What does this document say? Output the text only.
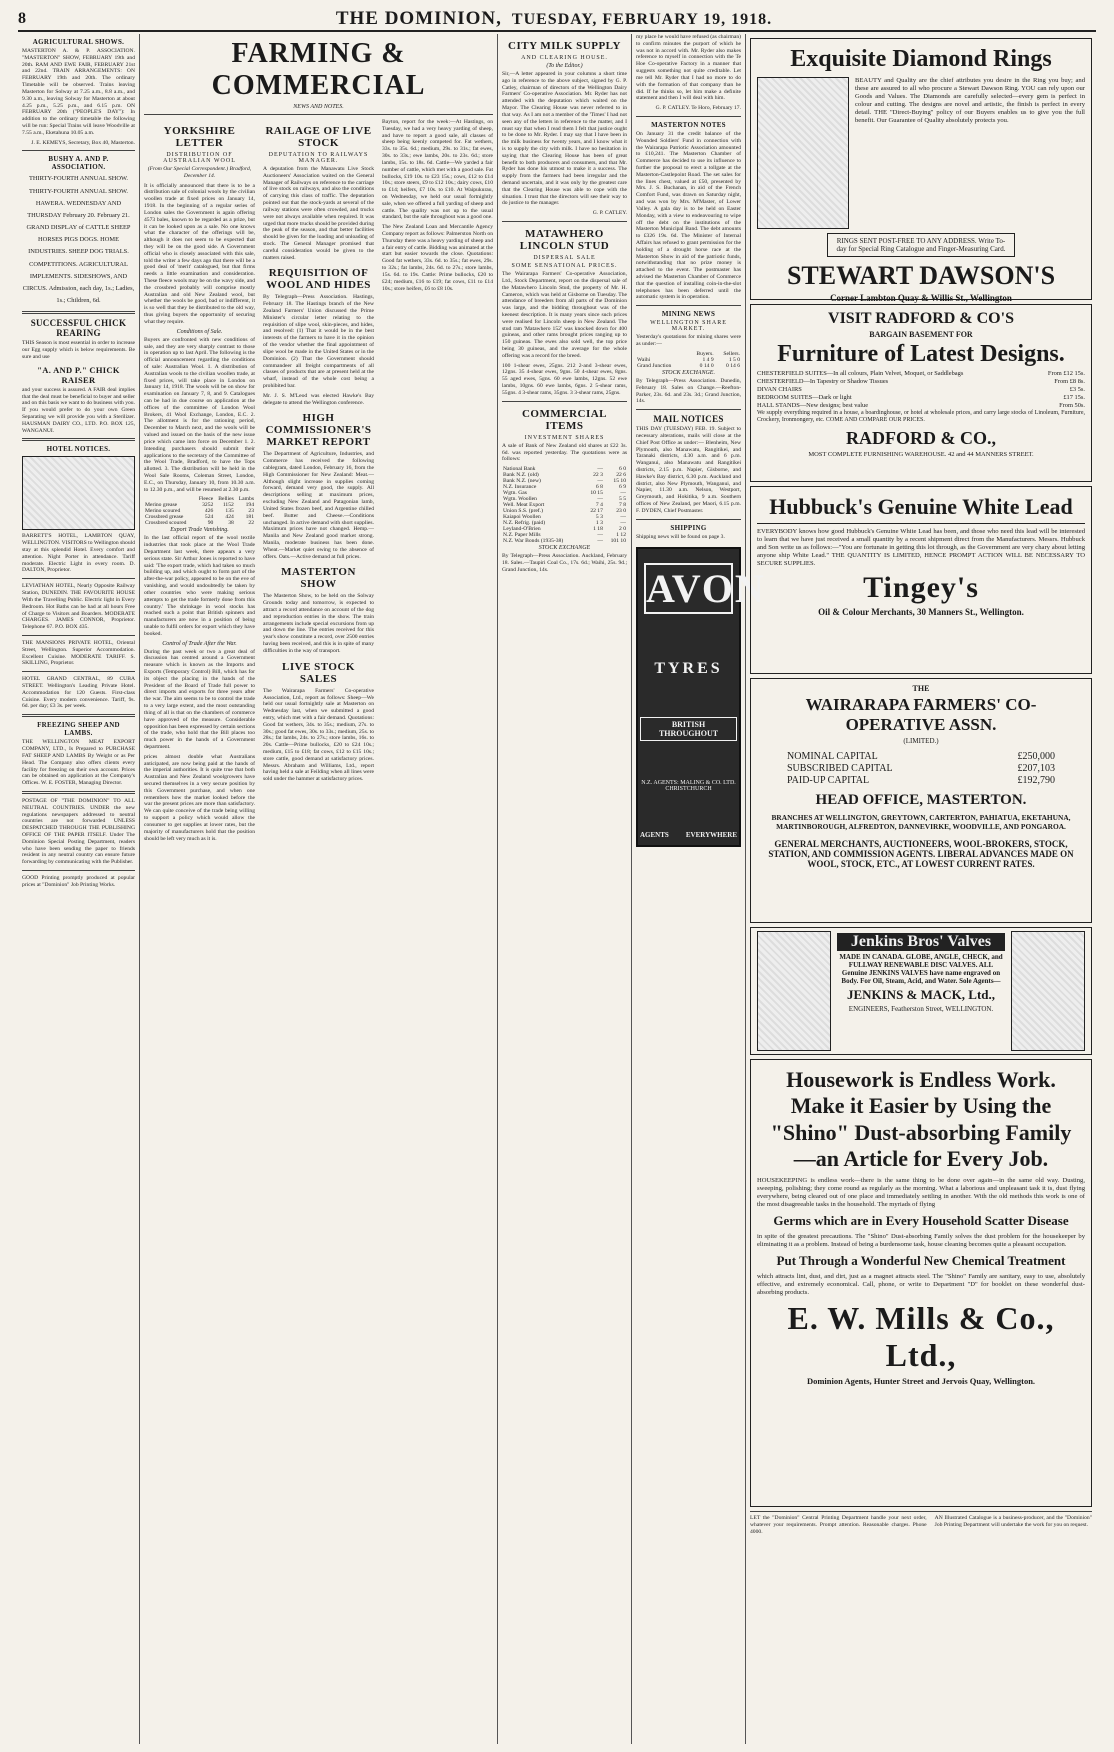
8	THE DOMINION, TUESDAY, FEBRUARY 19, 1918.
AGRICULTURAL SHOWS.

MASTERTON A. & P. ASSOCIATION. "MASTERTON" SHOW, FEBRUARY 19th and 20th. RAM AND EWE FAIR, FEBRUARY 21st and 22nd. TRAIN ARRANGEMENTS: ON FEBRUARY 19th and 20th. The ordinary Timetable will be observed. Trains leaving Masterton for Solway at 7.25 a.m., 8.8 a.m., and 9.30 a.m., leaving Solway for Masterton at about 4.25 p.m., 5.25 p.m., and 6.15 p.m. ON FEBRUARY 20th ("PEOPLE'S DAY"): In addition to the ordinary timetable the following will be run: Special Trains will leave Woodville at 7.55 a.m., Eketahuna 10.05 a.m.

J. E. KEMEYS, Secretary, Box 40, Masterton.

BUSHY A. AND P. ASSOCIATION.

THIRTY-FOURTH ANNUAL SHOW. THIRTY-FOURTH ANNUAL SHOW. HAWERA. WEDNESDAY AND THURSDAY February 20. February 21. GRAND DISPLAY of CATTLE SHEEP HORSES PIGS DOGS. HOME INDUSTRIES. SHEEP DOG TRIALS. COMPETITIONS. AGRICULTURAL IMPLEMENTS. SIDESHOWS, AND CIRCUS. Admission, each day, 1s.; Ladies, 1s.; Children, 6d.

SUCCESSFUL CHICK REARING

THIS Season is most essential in order to increase our Egg supply which is below requirements. Be sure and use

"A. AND P." CHICK RAISER

and your success is assured. A FAIR deal implies that the deal must be beneficial to buyer and seller and on this basis we want to do business with you. If you would prefer to do your own Green Separating we will provide you with a Sterilizer. HAUSMAN DAIRY CO., LTD. P.O. BOX 125, WANGANUI.

HOTEL NOTICES.

BARRETT'S HOTEL, LAMBTON QUAY, WELLINGTON. VISITORS to Wellington should stay at this splendid Hotel. Every comfort and attention. Night Porter in attendance. Tariff moderate. Electric Light in every room. D. DALTON, Proprietor.

LEVIATHAN HOTEL, Nearly Opposite Railway Station, DUNEDIN. THE FAVOURITE HOUSE With the Travelling Public. Electric light in Every Bedroom. Hot Baths can be had at all hours Free of Charge to Visitors and Boarders. MODERATE CHARGES. JAMES CONNOR, Proprietor. Telephone 67. P.O. BOX 435.

THE MANSIONS PRIVATE HOTEL, Oriental Street, Wellington. Superior Accommodation. Excellent Cuisine. MODERATE TARIFF. S. SKILLING, Proprietor.

HOTEL GRAND CENTRAL, 89 CUBA STREET. Wellington's Leading Private Hotel. Accommodation for 120 Guests. First-class Cuisine. Every modern convenience. Tariff, 9s. 6d. per day; £3 3s. per week.

FREEZING SHEEP AND LAMBS.

THE WELLINGTON MEAT EXPORT COMPANY, LTD., Is Prepared to PURCHASE FAT SHEEP AND LAMBS By Weight or as Per Head. The Company also offers clients every facility for freezing on their own account. Prices can be obtained on application at the Company's Offices. W. E. FOSTER, Managing Director.

POSTAGE OF "THE DOMINION" TO ALL NEUTRAL COUNTRIES. UNDER the new regulations newspapers addressed to neutral countries are not forwarded UNLESS DESPATCHED THROUGH THE PUBLISHING OFFICE OF THE PAPER ITSELF. Under The Dominion Special Posting Department, readers who have been sending the paper to friends resident in any neutral country can ensure future forwarding by communicating with the Publisher.

GOOD Printing promptly produced at popular prices at "Dominion" Job Printing Works.

FARMING & COMMERCIAL
NEWS AND NOTES.
YORKSHIRE LETTER
DISTRIBUTION OF AUSTRALIAN WOOL

(From Our Special Correspondent.) Bradford, December 14.

It is officially announced that there is to be a distribution sale of colonial wools by the civilian woollen trade at fixed prices on January 14, 1918. In the beginning of a regular series of London sales the Government is again offering 4573 bales, known to be regarded as a prize, but it can be looked upon as a sale. No one knows what the character of the offerings will be, although it does not seem to be expected that they will be on the good side. A Government official who is closely associated with this sale, told the writer a few days ago that there will be a good deal of 'merit' catalogued, but that firms needs a little examination and consideration. These fleece wools may be on the wavy side, and the crossbred probably will comprise mostly Australian and old New Zealand wool, but whether the wools be good, bad or indifferent, it is so well that they be distributed to the old way, thus giving buyers the opportunity of securing what they require.

Conditions of Sale.

Buyers are confronted with new conditions of sale, and they are very sharply contrast to those in operation up to last April. The following is the official announcement regarding the conditions of sale: Australian Wool. 1. A distribution of Australian wools to the civilian woollen trade, at fixed prices, will take place in London on January 14, 1918. The wools will be on show for examination on January 7, 8, and 9. Catalogues can be had in due course on application at the offices of the committee of London Wool Brokers, 41 Wool Exchange, London, E.C. 2. The allotment is for the rationing period, December to March next, and the wools will be valued and issued on the basis of the new issue price which came into force on December 1. 2. Intending purchasers should submit their applications to the secretary of the Committee of the Wool Trade, Bradford, to have the Tops allotted. 3. The distribution will be held in the Wool Sale Rooms, Coleman Street, London, E.C., on Thursday, January 10, from 10.30 a.m. to 12.30 p.m., and will be resumed at 2.30 p.m.

	Fleece	Bellies	Lambs
Merino grease	3252	1152	194
Merino scoured	426	135	23
Crossbred grease	524	424	181
Crossbred scoured	90	38	22
Export Trade Vanishing.

In the last official report of the wool textile industries that took place at the Wool Trade Department last week, there appears a very serious state. Sir Arthur Jones is reported to have said: 'The export trade, which had taken so much building up, and which ought to form part of the after-the-war policy, appeared to be on the eve of vanishing, and would undoubtedly be taken by other countries who were making serious attempts to get the trade formerly done from this country.' The shrinkage in wool stocks has reached such a point that British spinners and manufacturers are now in a position of being unable to fulfil orders for export which they have booked.

Control of Trade After the War.

During the past week or two a great deal of discussion has centred around a Government measure which is known as the Imports and Exports (Temporary Control) Bill, which has for its object the placing in the hands of the President of the Board of Trade full power to direct imports and exports for three years after the war. The aim seems to be to control the trade to a very large extent, and the most outstanding thing of all is that on the chambers of commerce have approved of the measure. Considerable opposition has been expressed by certain sections of the trade, who hold that the Bill places too much power in the hands of a Government department.

prices almost double what Australians anticipated, are now being paid at the hands of the imperial authorities. It is quite true that both Australian and New Zealand woolgrowers have secured themselves in a very secure position by this Government purchase, and when one remembers how the market looked before the war the present prices are more than satisfactory. We can quite conceive of the trade being willing to support a policy which would allow the consumer to get supplies at lower rates, but the majority of manufacturers hold that the position should be left very much as it is.

RAILAGE OF LIVE STOCK
DEPUTATION TO RAILWAYS MANAGER.

A deputation from the Manawatu Live Stock Auctioneers' Association waited on the General Manager of Railways on reference to the carriage of live stock on railways, and also the conditions of carrying this class of traffic. The deputation pointed out that the stock-yards at several of the railway stations were often crowded, and trucks were not always available when required. It was urged that more trucks should be provided during the peak of the season, and that better facilities should be given for the loading and unloading of stock. The General Manager promised that careful consideration would be given to the matters raised.

REQUISITION OF WOOL AND HIDES

By Telegraph—Press Association. Hastings, February 18. The Hastings branch of the New Zealand Farmers' Union discussed the Prime Minister's circular letter relating to the requisition of slipe wool, skin-pieces, and hides, and resolved: (1) That it would be in the best interests of the farmers to have it in the opinion of the vendor whether the final appointment of slipe wool be made in the United States or in the Dominion. (2) That the Government should commandeer all freight compartments of all classes of products that are at present held at the wharf, instead of the whole cost being a prohibited bar.

Mr. J. S. M'Leod was elected Hawke's Bay delegate to attend the Wellington conference.

HIGH COMMISSIONER'S MARKET REPORT

The Department of Agriculture, Industries, and Commerce has received the following cablegram, dated London, February 16, from the High Commissioner for New Zealand: Meat.—Although slight increase in supplies coming forward, demand very good, the supply. All descriptions selling at maximum prices, excluding New Zealand and Patagonian lamb, United States frozen beef, and Argentine chilled beef. Butter and Cheese.—Conditions unchanged. In active demand with short supplies. Maximum prices have not changed. Hemp.—Manila and New Zealand good market strong. Manila, moderate business has been done. Wheat.—Market quiet owing to the absence of offers. Oats.—Active demand at full prices.

MASTERTON SHOW

The Masterton Show, to be held on the Solway Grounds today and tomorrow, is expected to attract a record attendance on account of the dog and reproduction entries in the show. The train arrangements include special excursions from up and down the line. The entries received for this year's show constitute a record, over 2500 entries having been received, and this is in spite of many difficulties in the way of transport.

LIVE STOCK SALES

The Wairarapa Farmers' Co-operative Association, Ltd., report as follows: Sheep—We held our usual fortnightly sale at Masterton on Wednesday last, when we submitted a good entry, which met with a fair demand. Quotations: Good fat wethers, 34s. to 35s.; medium, 27s. to 30s.; good fat ewes, 30s. to 33s.; medium, 25s. to 28s.; fat lambs, 24s. to 27s.; store lambs, 16s. to 20s. Cattle—Prime bullocks, £20 to £24 10s.; medium, £15 to £18; fat cows, £12 to £15 10s.; store cattle, good demand at satisfactory prices. Messrs. Abraham and Williams, Ltd., report having held a sale at Feilding when all lines were sold under the hammer at satisfactory prices.

Bayton, report for the week:—At Hastings, on Tuesday, we had a very heavy yarding of sheep, and have to report a good sale, all classes of sheep being keenly competed for. Fat wethers, 33s. to 35s. 6d.; medium, 29s. to 31s.; fat ewes, 30s. to 33s.; ewe lambs, 20s. to 23s. 6d.; store lambs, 15s. to 18s. 6d. Cattle—We yarded a fair number of cattle, which met with a good sale. Fat bullocks, £19 10s. to £23 15s.; cows, £12 to £14 10s.; store steers, £9 to £12 10s.; dairy cows, £10 to £14; heifers, £7 10s. to £10. At Waipukurau, on Wednesday, we held our usual fortnightly sale, when we offered a full yarding of sheep and cattle. The quality was not up to the usual standard, but the sale throughout was a good one.

The New Zealand Loan and Mercantile Agency Company report as follows: Palmerston North on Thursday there was a heavy yarding of sheep and a fair entry of cattle. Bidding was animated at the start but easier towards the close. Quotations: Good fat wethers, 33s. 6d. to 35s.; fat ewes, 29s. to 32s.; fat lambs, 24s. 6d. to 27s.; store lambs, 15s. 6d. to 19s. Cattle: Prime bullocks, £20 to £24; medium, £16 to £19; fat cows, £11 to £14 10s.; store heifers, £6 to £8 10s.

CITY MILK SUPPLY
AND CLEARING HOUSE.
(To the Editor.)

Sir,—A letter appeared in your columns a short time ago in reference to the above subject, signed by G. P. Catley, chairman of directors of the Wellington Dairy Farmers' Co-operative Association. Mr. Ryder has not attended with the deputation which waited on the Mayor. The Clearing House was never referred to in that way. As I am not a member of the 'Times' I had not seen any of the letters in reference to the matter, and I must say that when I read them I felt that justice ought to be done to Mr. Ryder. I may say that I have been in the milk business for twenty years, and I know what it is to supply the city with milk. I have no hesitation in saying that the Clearing House has been of great benefit to both producers and consumers, and that Mr. Ryder has done his utmost to make it a success. The supply from the farmers had been irregular and the demand uncertain, and it was only by the greatest care that the Clearing House was able to cope with the situation. I trust that the directors will see their way to do justice to the manager.

G. P. CATLEY.

MATAWHERO LINCOLN STUD
DISPERSAL SALE
SOME SENSATIONAL PRICES.

The Wairarapa Farmers' Co-operative Association, Ltd., Stock Department, report on the dispersal sale of the Matawhero Lincoln Stud, the property of Mr. H. Cameron, which was held at Gisborne on Tuesday. The attendance of breeders from all parts of the Dominion was large, and the bidding throughout was of the keenest description. It is many years since such prices were realised for Lincoln sheep in New Zealand. The stud ram 'Matawhero 152' was knocked down for 400 guineas, and other rams brought prices ranging up to 150 guineas. The ewes also sold well, the top price being 30 guineas, and the average for the whole offering was a record for the breed.

100 1-shear ewes, 25gns. 212 2-and 3-shear ewes, 12gns. 35 4-shear ewes, 9gns. 50 4-shear ewes, 8gns. 55 aged ewes, 5gns. 60 ewe lambs, 12gns. 52 ewe lambs, 10gns. 60 ewe lambs, 6gns. 2 5-shear rams, 55gns. 4 3-shear rams, 35gns. 3 3-shear rams, 25gns.

COMMERCIAL ITEMS
INVESTMENT SHARES

A sale of Bank of New Zealand old shares at £22 3s. 6d. was reported yesterday. The quotations were as follows:

National Bank	—	6 0
Bank N.Z. (old)	22 3	22 6
Bank N.Z. (new)	—	15 10
N.Z. Insurance	6 8	6 9
Wgtn. Gas	10 15	—
Wgtn. Woollen	—	5 5
Well. Meat Export	7 4	7 8
Union S.S. (pref.)	22 17	23 0
Kaiapoi Woollen	5 3	—
N.Z. Refrig. (paid)	1 3	—
Leyland-O'Brien	1 18	2 0
N.Z. Paper Mills	—	1 12
N.Z. War Bonds (1935-38)	—	101 10
STOCK EXCHANGE

By Telegraph—Press Association. Auckland, February 18. Sales.—Taupiri Coal Co., 17s. 6d.; Waihi, 25s. 9d.; Grand Junction, 14s.

my place he would have refused (as chairman) to confirm minutes the purport of which he was not in accord with. Mr. Ryder also makes reference to myself in connection with the Te Hoe Co-operative Factory in a manner that suggests something not quite creditable. Let me tell Mr. Ryder that I had no more to do with the formation of that company than he did. If he thinks so, let him make a definite statement and then I will deal with him.

G. P. CATLEY. Te Horo, February 17.

MASTERTON NOTES

On January 31 the credit balance of the Wounded Soldiers' Fund in connection with the Wairarapa Patriotic Association amounted to £10,241. The Masterton Chamber of Commerce has decided to use its influence to further the proposal to erect a tollgate at the Masterton-Castlepoint Road. The set sales for the lines chest, valued at £50, presented by Mrs. J. S. Buchanan, in aid of the French Comfort Fund, was drawn on Saturday night, and was won by Mrs. M'Master, of Lower Valley. A gala day is to be held on Easter Monday, with a view to endeavouring to wipe off the debt on the institutions of the Masterton Municipal Band. The debt amounts to £326 19s. 6d. The Minister of Internal Affairs has refused to grant permission for the holding of a drought horse race at the Masterton Show in aid of the patriotic funds, notwithstanding that no prize money is attached to the event. The postmaster has advised the Masterton Chamber of Commerce that the question of installing coin-in-the-slot telephones has been deferred until the automatic system is in operation.

MINING NEWS
WELLINGTON SHARE MARKET.

Yesterday's quotations for mining shares were as under:—

	Buyers.	Sellers.
Waihi	1 4 9	1 5 0
Grand Junction	0 14 0	0 14 6
STOCK EXCHANGE.

By Telegraph—Press Association. Dunedin, February 18. Sales on Change.—Reefton-Parker, 23s. 6d. and 23s. 3d.; Grand Junction, 14s.

MAIL NOTICES

THIS DAY (TUESDAY) FEB. 19. Subject to necessary alterations, mails will close at the Chief Post Office as under:— Blenheim, New Plymouth, also Manawatu, Rangitikei, and Taranaki districts, 4.30 a.m. and 6 p.m. Wanganui, also Manawatu and Rangitikei districts, 2.15 p.m. Napier, Gisborne, and Hawke's Bay district, 6.30 p.m. Auckland and district, also New Plymouth, Wanganui, and Napier, 11.30 a.m. Nelson, Westport, Greymouth, and Hokitika, 9 a.m. Southern offices of New Zealand, per Maori, 6.15 p.m. F. DYDEN, Chief Postmaster.

SHIPPING

Shipping news will be found on page 3.

AVON
TYRES
BRITISH THROUGHOUT
N.Z. AGENTS: MALING & CO. LTD. CHRISTCHURCH
AGENTS EVERYWHERE
Exquisite Diamond Rings

BEAUTY and Quality are the chief attributes you desire in the Ring you buy; and these are assured to all who procure a Stewart Dawson Ring. YOU can rely upon our Goods and Values. The Diamonds are carefully selected—every gem is perfect in colour and cutting. The designs are novel and artistic, the finish is perfect in every detail. THE "Direct-Buying" policy of our Buyers enables us to give you the full benefit. Our Guarantee of Quality absolutely protects you.

RINGS SENT POST-FREE TO ANY ADDRESS. Write To-day for Special Ring Catalogue and Finger-Measuring Card.
STEWART DAWSON'S
Corner Lambton Quay & Willis St., Wellington
VISIT RADFORD & CO'S
BARGAIN BASEMENT FOR
Furniture of Latest Designs.
CHESTERFIELD SUITES—In all colours, Plain Velvet, Moquet, or Saddlebags	From £12 15s.
CHESTERFIELD—In Tapestry or Shadow Tissues	From £8 8s.
DIVAN CHAIRS	£3 5s.
BEDROOM SUITES—Dark or light	£17 15s.
HALL STANDS—New designs; best value	From 50s.

We supply everything required in a house, a boardinghouse, or hotel at wholesale prices, and carry large stocks of Linoleum, Furniture, Crockery, Ironmongery, etc. COME AND COMPARE OUR PRICES.

RADFORD & CO.,
MOST COMPLETE FURNISHING WAREHOUSE. 42 and 44 MANNERS STREET.
Hubbuck's Genuine White Lead

EVERYBODY knows how good Hubbuck's Genuine White Lead has been, and those who need this lead will be interested to learn that we have just received a small quantity by a recent shipment direct from the Manufacturers. Messrs. Hubbuck and Son write us as follows:—"You are fortunate in getting this lot through, as the Government are very chary about letting anyone ship White Lead." THE QUANTITY IS LIMITED, HENCE PROMPT ACTION WILL BE NECESSARY TO SECURE SUPPLIES.

Tingey's
Oil & Colour Merchants, 30 Manners St., Wellington.
THE
WAIRARAPA FARMERS' CO-OPERATIVE ASSN.
(LIMITED.)
NOMINAL CAPITAL	£250,000
SUBSCRIBED CAPITAL	£207,103
PAID-UP CAPITAL	£192,790
HEAD OFFICE, MASTERTON.
BRANCHES AT WELLINGTON, GREYTOWN, CARTERTON, PAHIATUA, EKETAHUNA, MARTINBOROUGH, ALFREDTON, DANNEVIRKE, WOODVILLE, AND PONGAROA.
GENERAL MERCHANTS, AUCTIONEERS, WOOL-BROKERS, STOCK, STATION, AND COMMISSION AGENTS. LIBERAL ADVANCES MADE ON WOOL, STOCK, ETC., AT LOWEST CURRENT RATES.
Jenkins Bros' Valves
MADE IN CANADA. GLOBE, ANGLE, CHECK, and FULLWAY RENEWABLE DISC VALVES. ALL Genuine JENKINS VALVES have name engraved on Body. For Oil, Steam, Acid, and Water. Sole Agents—
JENKINS & MACK, Ltd.,
ENGINEERS, Featherston Street, WELLINGTON.
Housework is Endless Work. Make it Easier by Using the "Shino" Dust-absorbing Family —an Article for Every Job.

HOUSEKEEPING is endless work—there is the same thing to be done over again—in the same old way. Dusting, sweeping, polishing; they come round as regularly as the morning. What a laborious and unpleasant task it is, dust flying everywhere, being cleared out of one place and immediately settling in another. With the old methods this work is one of the most disagreeable tasks in the household. The myriads of flying

Germs which are in Every Household Scatter Disease

in spite of the greatest precautions. The "Shino" Dust-absorbing Family solves the dust problem for the housekeeper by eliminating it as a problem. Instead of being a burdensome task, house cleaning becomes quite a pleasant occupation.

Put Through a Wonderful New Chemical Treatment

which attracts lint, dust, and dirt, just as a magnet attracts steel. The "Shino" Family are sanitary, easy to use, absolutely effective, and extremely economical. Call, phone, or write to Department "D" for booklet on these wonderful dust-absorbing products.

E. W. Mills & Co., Ltd.,
Dominion Agents, Hunter Street and Jervois Quay, Wellington.

LET the "Dominion" Central Printing Department handle your next order, whatever your requirements. Prompt attention. Reasonable charges. Phone 4000.

AN Illustrated Catalogue is a business-producer, and the "Dominion" Job Printing Department will undertake the work for you on request.
